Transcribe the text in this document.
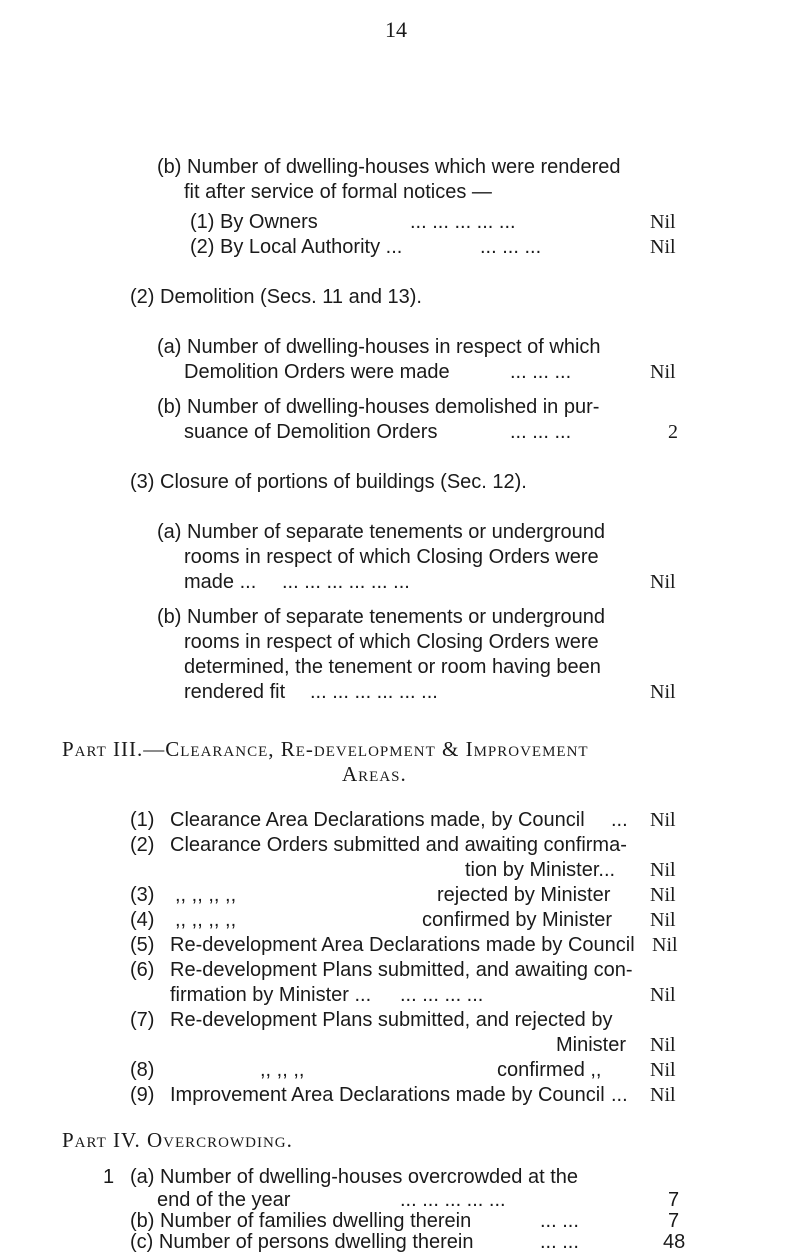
14
(b) Number of dwelling-houses which were rendered
fit after service of formal notices —
(1) By Owners	... ... ... ... ...	Nil
(2) By Local Authority ...	... ... ...	Nil
(2) Demolition (Secs. 11 and 13).
(a) Number of dwelling-houses in respect of which
Demolition Orders were made	... ... ...	Nil
(b) Number of dwelling-houses demolished in pur-
suance of Demolition Orders	... ... ...	2
(3) Closure of portions of buildings (Sec. 12).
(a) Number of separate tenements or underground
rooms in respect of which Closing Orders were
made ... ... ... ... ... ... ...	Nil
(b) Number of separate tenements or underground
rooms in respect of which Closing Orders were
determined, the tenement or room having been
rendered fit ... ... ... ... ... ...	Nil
Part III.—Clearance, Re-development & Improvement
Areas.
(1) Clearance Area Declarations made, by Council ... Nil
(2) Clearance Orders submitted and awaiting confirma-
tion by Minister... Nil
(3) ,, ,, ,, ,,	rejected by Minister Nil
(4) ,, ,, ,, ,,	confirmed by Minister Nil
(5) Re-development Area Declarations made by Council Nil
(6) Re-development Plans submitted, and awaiting con-
firmation by Minister ... ... ... ... ...	Nil
(7) Re-development Plans submitted, and rejected by
Minister Nil
(8)	,, ,, ,,	confirmed ,, Nil
(9) Improvement Area Declarations made by Council ... Nil
Part IV. Overcrowding.
1 (a) Number of dwelling-houses overcrowded at the
end of the year	... ... ... ... ...	7
(b) Number of families dwelling therein	... ...	7
(c) Number of persons dwelling therein	... ...	48
